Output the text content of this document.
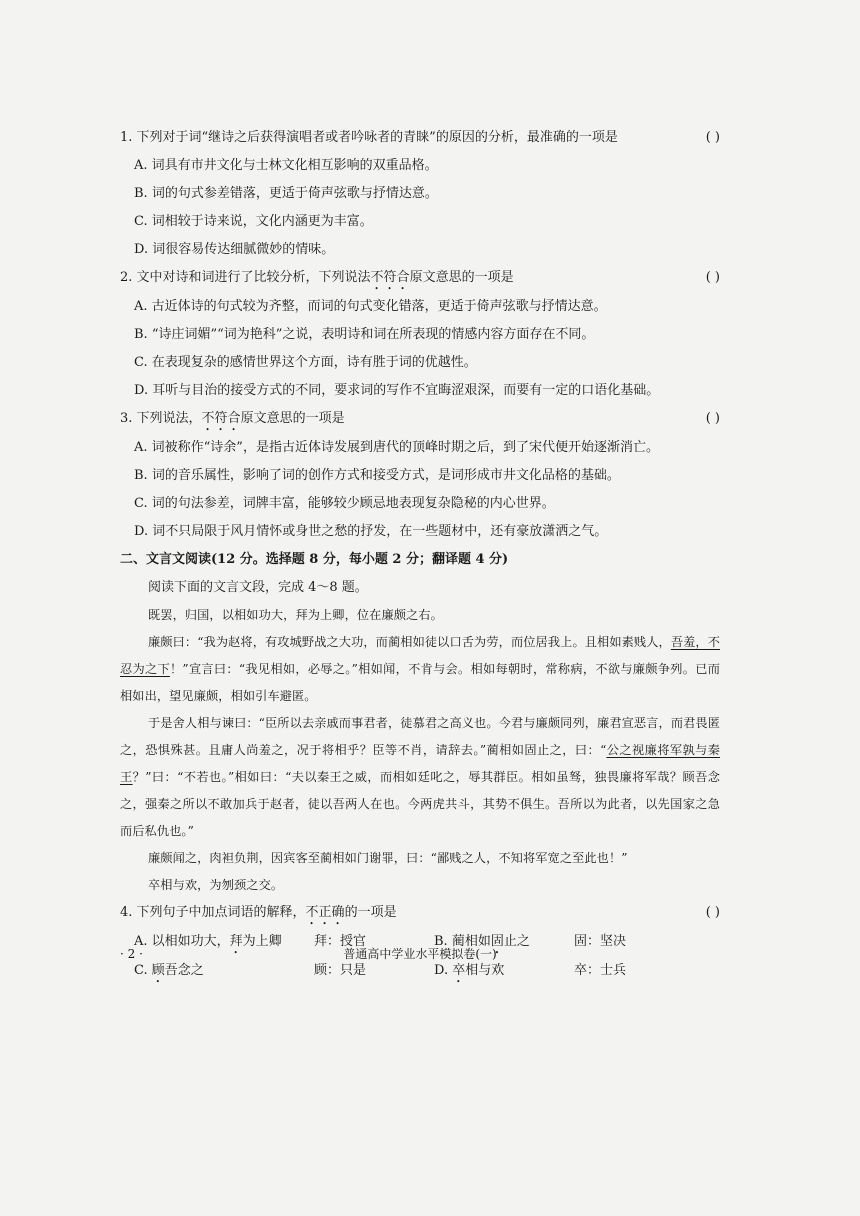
1. 下列对于词“继诗之后获得演唱者或者吟咏者的青睐”的原因的分析，最准确的一项是	( )
A. 词具有市井文化与士林文化相互影响的双重品格。
B. 词的句式参差错落，更适于倚声弦歌与抒情达意。
C. 词相较于诗来说，文化内涵更为丰富。
D. 词很容易传达细腻微妙的情味。
2. 文中对诗和词进行了比较分析，下列说法不符合原文意思的一项是	( )
A. 古近体诗的句式较为齐整，而词的句式变化错落，更适于倚声弦歌与抒情达意。
B. “诗庄词媚”“词为艳科”之说，表明诗和词在所表现的情感内容方面存在不同。
C. 在表现复杂的感情世界这个方面，诗有胜于词的优越性。
D. 耳听与目治的接受方式的不同，要求词的写作不宜晦涩艰深，而要有一定的口语化基础。
3. 下列说法，不符合原文意思的一项是	( )
A. 词被称作“诗余”，是指古近体诗发展到唐代的顶峰时期之后，到了宋代便开始逐渐消亡。
B. 词的音乐属性，影响了词的创作方式和接受方式，是词形成市井文化品格的基础。
C. 词的句法参差，词牌丰富，能够较少顾忌地表现复杂隐秘的内心世界。
D. 词不只局限于风月情怀或身世之愁的抒发，在一些题材中，还有豪放潇洒之气。
二、文言文阅读(12 分。选择题 8 分，每小题 2 分；翻译题 4 分)
阅读下面的文言文段，完成 4～8 题。

既罢，归国，以相如功大，拜为上卿，位在廉颇之右。

廉颇曰：“我为赵将，有攻城野战之大功，而蔺相如徒以口舌为劳，而位居我上。且相如素贱人，吾羞，不忍为之下！”宣言曰：“我见相如，必辱之。”相如闻，不肯与会。相如每朝时，常称病，不欲与廉颇争列。已而相如出，望见廉颇，相如引车避匿。

于是舍人相与谏曰：“臣所以去亲戚而事君者，徒慕君之高义也。今君与廉颇同列，廉君宣恶言，而君畏匿之，恐惧殊甚。且庸人尚羞之，况于将相乎？臣等不肖，请辞去。”蔺相如固止之，曰：“公之视廉将军孰与秦王？”曰：“不若也。”相如曰：“夫以秦王之威，而相如廷叱之，辱其群臣。相如虽驽，独畏廉将军哉？顾吾念之，强秦之所以不敢加兵于赵者，徒以吾两人在也。今两虎共斗，其势不俱生。吾所以为此者，以先国家之急而后私仇也。”

廉颇闻之，肉袒负荆，因宾客至蔺相如门谢罪，曰：“鄙贱之人，不知将军宽之至此也！”

卒相与欢，为刎颈之交。

4. 下列句子中加点词语的解释，不正确的一项是	( )
A. 以相如功大，拜为上卿	拜：授官	B. 蔺相如固止之	固：坚决
C. 顾吾念之	顾：只是	D. 卒相与欢	卒：士兵
· 2 ·	普通高中学业水平模拟卷(一)
